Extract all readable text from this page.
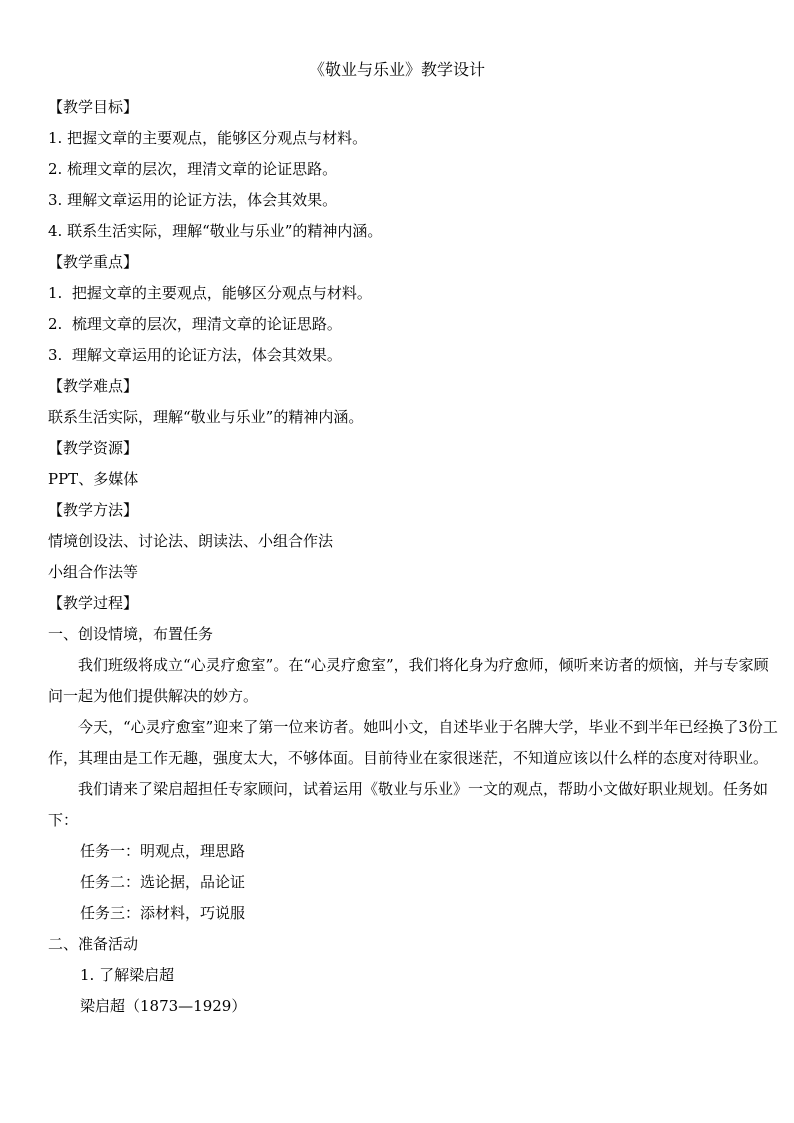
《敬业与乐业》教学设计
【教学目标】
1. 把握文章的主要观点，能够区分观点与材料。
2. 梳理文章的层次，理清文章的论证思路。
3. 理解文章运用的论证方法，体会其效果。
4. 联系生活实际，理解“敬业与乐业”的精神内涵。
【教学重点】
1.  把握文章的主要观点，能够区分观点与材料。
2.  梳理文章的层次，理清文章的论证思路。
3.  理解文章运用的论证方法，体会其效果。
【教学难点】
联系生活实际，理解“敬业与乐业”的精神内涵。
【教学资源】
PPT、多媒体
【教学方法】
情境创设法、讨论法、朗读法、小组合作法
小组合作法等
【教学过程】
一、创设情境，布置任务
我们班级将成立“心灵疗愈室”。在“心灵疗愈室”，我们将化身为疗愈师，倾听来访者的烦恼，并与专家顾问一起为他们提供解决的妙方。
今天，“心灵疗愈室”迎来了第一位来访者。她叫小文，自述毕业于名牌大学，毕业不到半年已经换了3份工作，其理由是工作无趣，强度太大，不够体面。目前待业在家很迷茫，不知道应该以什么样的态度对待职业。
我们请来了梁启超担任专家顾问，试着运用《敬业与乐业》一文的观点，帮助小文做好职业规划。任务如下：
任务一：明观点，理思路
任务二：选论据，品论证
任务三：添材料，巧说服
二、准备活动
1. 了解梁启超
梁启超（1873—1929）
